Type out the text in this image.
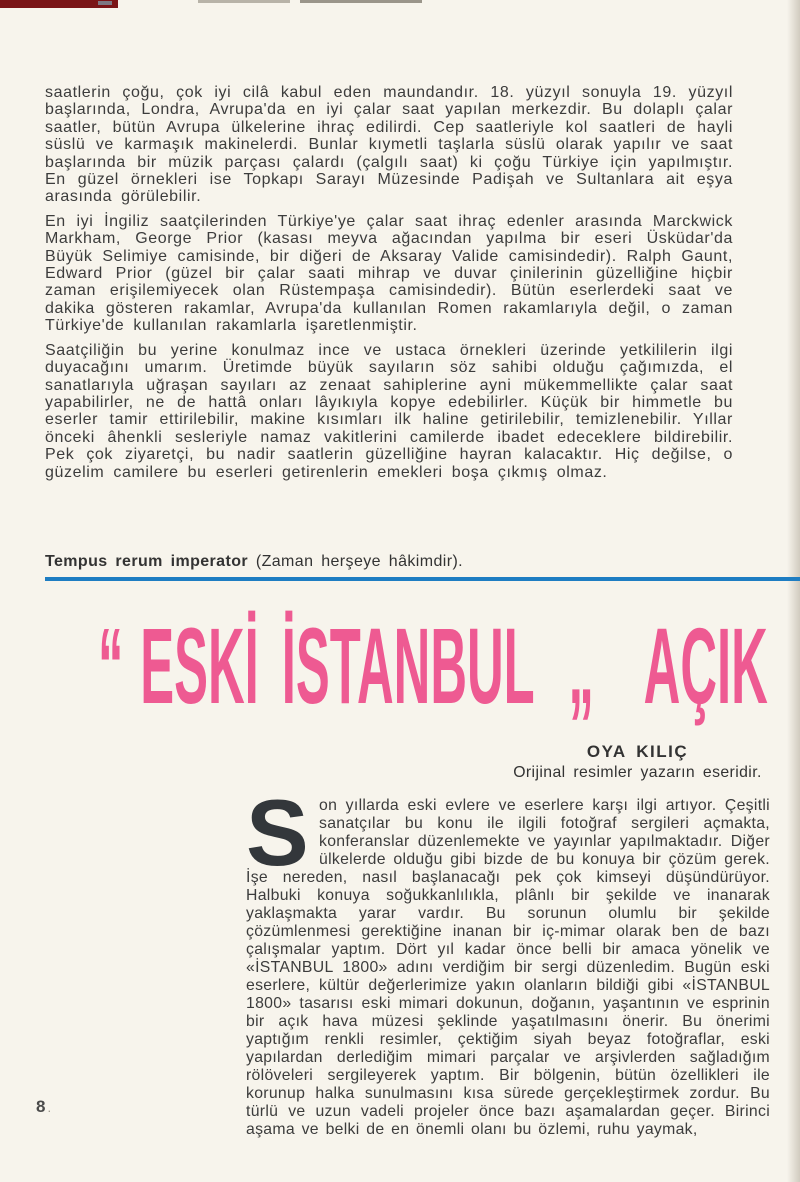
saatlerin çoğu, çok iyi cilâ kabul eden maundandır. 18. yüzyıl sonuyla 19. yüzyıl başlarında, Londra, Avrupa'da en iyi çalar saat yapılan merkezdir. Bu dolaplı çalar saatler, bütün Avrupa ülkelerine ihraç edilirdi. Cep saatleriyle kol saatleri de hayli süslü ve karmaşık makinelerdi. Bunlar kıymetli taşlarla süslü olarak yapılır ve saat başlarında bir müzik parçası çalardı (çalgılı saat) ki çoğu Türkiye için yapılmıştır. En güzel örnekleri ise Topkapı Sarayı Müzesinde Padişah ve Sultanlara ait eşya arasında görülebilir.

En iyi İngiliz saatçilerinden Türkiye'ye çalar saat ihraç edenler arasında Marckwick Markham, George Prior (kasası meyva ağacından yapılma bir eseri Üsküdar'da Büyük Selimiye camisinde, bir diğeri de Aksaray Valide camisindedir). Ralph Gaunt, Edward Prior (güzel bir çalar saati mihrap ve duvar çinilerinin güzelliğine hiçbir zaman erişilemiyecek olan Rüstempaşa camisindedir). Bütün eserlerdeki saat ve dakika gösteren rakamlar, Avrupa'da kullanılan Romen rakamlarıyla değil, o zaman Türkiye'de kullanılan rakamlarla işaretlenmiştir.

Saatçiliğin bu yerine konulmaz ince ve ustaca örnekleri üzerinde yetkililerin ilgi duyacağını umarım. Üretimde büyük sayıların söz sahibi olduğu çağımızda, el sanatlarıyla uğraşan sayıları az zenaat sahiplerine ayni mükemmellikte çalar saat yapabilirler, ne de hattâ onları lâyıkıyla kopye edebilirler. Küçük bir himmetle bu eserler tamir ettirilebilir, makine kısımları ilk haline getirilebilir, temizlenebilir. Yıllar önceki âhenkli sesleriyle namaz vakitlerini camilerde ibadet edeceklere bildirebilir. Pek çok ziyaretçi, bu nadir saatlerin güzelliğine hayran kalacaktır. Hiç değilse, o güzelim camilere bu eserleri getirenlerin emekleri boşa çıkmış olmaz.

Tempus rerum imperator (Zaman herşeye hâkimdir).
“ ESKİ İSTANBUL „ AÇIK

OYA KILIÇ

Orijinal resimler yazarın eseridir.

Son yıllarda eski evlere ve eserlere karşı ilgi artıyor. Çeşitli sanatçılar bu konu ile ilgili fotoğraf sergileri açmakta, konferanslar düzenlemekte ve yayınlar yapılmaktadır. Diğer ülkelerde olduğu gibi bizde de bu konuya bir çözüm gerek. İşe nereden, nasıl başlanacağı pek çok kimseyi düşündürüyor. Halbuki konuya soğukkanlılıkla, plânlı bir şekilde ve inanarak yaklaşmakta yarar vardır. Bu sorunun olumlu bir şekilde çözümlenmesi gerektiğine inanan bir iç-mimar olarak ben de bazı çalışmalar yaptım. Dört yıl kadar önce belli bir amaca yönelik ve «İSTANBUL 1800» adını verdiğim bir sergi düzenledim. Bugün eski eserlere, kültür değerlerimize yakın olanların bildiği gibi «İSTANBUL 1800» tasarısı eski mimari dokunun, doğanın, yaşantının ve esprinin bir açık hava müzesi şeklinde yaşatılmasını önerir. Bu önerimi yaptığım renkli resimler, çektiğim siyah beyaz fotoğraflar, eski yapılardan derlediğim mimari parçalar ve arşivlerden sağladığım rölöveleri sergileyerek yaptım. Bir bölgenin, bütün özellikleri ile korunup halka sunulmasını kısa sürede gerçekleştirmek zordur. Bu türlü ve uzun vadeli projeler önce bazı aşamalardan geçer. Birinci aşama ve belki de en önemli olanı bu özlemi, ruhu yaymak,
8.
